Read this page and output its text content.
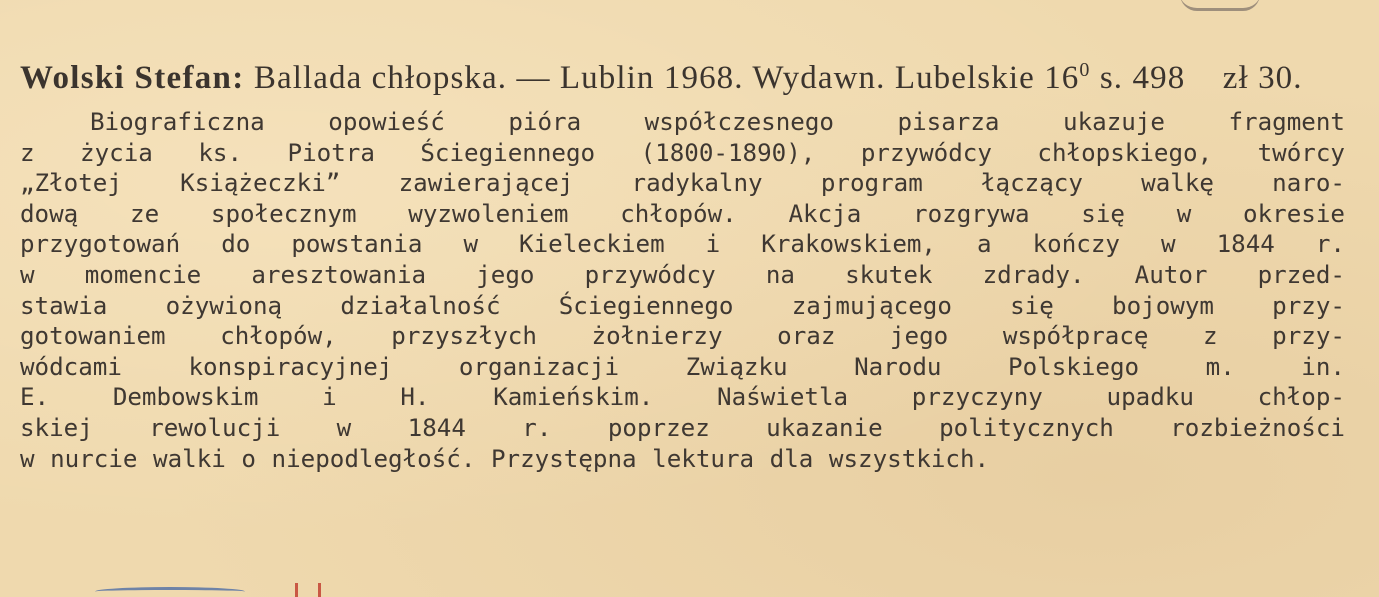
Wolski Stefan: Ballada chłopska. — Lublin 1968. Wydawn. Lubelskie $16^0$ s. 498    zł 30.

Biograficzna opowieść pióra współczesnego pisarza ukazuje fragment
z życia ks. Piotra Ściegiennego (1800-1890), przywódcy chłopskiego, twórcy
„Złotej Książeczki” zawierającej radykalny program łączący walkę naro-
dową ze społecznym wyzwoleniem chłopów. Akcja rozgrywa się w okresie
przygotowań do powstania w Kieleckiem i Krakowskiem, a kończy w 1844 r.
w momencie aresztowania jego przywódcy na skutek zdrady. Autor przed-
stawia ożywioną działalność Ściegiennego zajmującego się bojowym przy-
gotowaniem chłopów, przyszłych żołnierzy oraz jego współpracę z przy-
wódcami konspiracyjnej organizacji Związku Narodu Polskiego m. in.
E. Dembowskim i H. Kamieńskim. Naświetla przyczyny upadku chłop-
skiej rewolucji w 1844 r. poprzez ukazanie politycznych rozbieżności
w nurcie walki o niepodległość. Przystępna lektura dla wszystkich.
